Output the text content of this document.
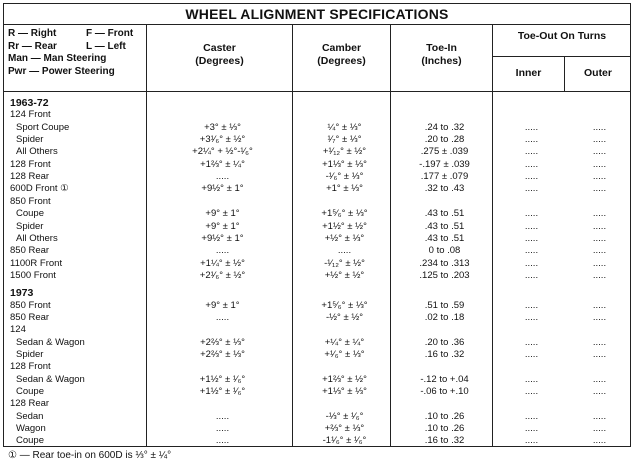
WHEEL ALIGNMENT SPECIFICATIONS
R — Right	F — Front
Rr — Rear	L — Left
Man — Man Steering
Pwr — Power Steering
Caster
(Degrees)
Camber
(Degrees)
Toe-In
(Inches)
Toe-Out On Turns
Inner	Outer
1963-72
124 Front
Sport Coupe	+3° ± ⅓°	¼° ± ⅓°	.24 to .32	.....	.....
Spider	+3¹⁄₆° ± ½°	¹⁄₇° ± ⅓°	.20 to .28	.....	.....
All Others	+2¼° + ½°-¹⁄₆°	+¹⁄₁₂° ± ½°	.275 ± .039	.....	.....
128 Front	+1⅔° ± ¼°	+1⅓° ± ⅓°	-.197 ± .039	.....	.....
128 Rear	.....	-¹⁄₆° ± ⅓°	.177 ± .079	.....	.....
600D Front ①	+9½° ± 1°	+1° ± ⅓°	.32 to .43	.....	.....
850 Front
Coupe	+9° ± 1°	+1⁵⁄₆° ± ⅓°	.43 to .51	.....	.....
Spider	+9° ± 1°	+1½° ± ½°	.43 to .51	.....	.....
All Others	+9½° ± 1°	+½° ± ⅓°	.43 to .51	.....	.....
850 Rear	.....	.....	0 to .08	.....	.....
1100R Front	+1¼° ± ½°	-¹⁄₁₂° ± ½°	.234 to .313	.....	.....
1500 Front	+2¹⁄₆° ± ½°	+½° ± ½°	.125 to .203	.....	.....
1973
850 Front	+9° ± 1°	+1⁵⁄₆° ± ⅓°	.51 to .59	.....	.....
850 Rear	.....	-½° ± ½°	.02 to .18	.....	.....
124
Sedan & Wagon	+2⅔° ± ⅓°	+¼° ± ¼°	.20 to .36	.....	.....
Spider	+2⅔° ± ⅓°	+¹⁄₆° ± ⅓°	.16 to .32	.....	.....
128 Front
Sedan & Wagon	+1½° ± ¹⁄₆°	+1⅔° ± ½°	-.12 to +.04	.....	.....
Coupe	+1½° ± ¹⁄₆°	+1⅓° ± ⅓°	-.06 to +.10	.....	.....
128 Rear
Sedan	.....	-⅓° ± ¹⁄₆°	.10 to .26	.....	.....
Wagon	.....	+⅔° ± ⅓°	.10 to .26	.....	.....
Coupe	.....	-1¹⁄₆° ± ¹⁄₆°	.16 to .32	.....	.....
① — Rear toe-in on 600D is ⅓° ± ¼°
